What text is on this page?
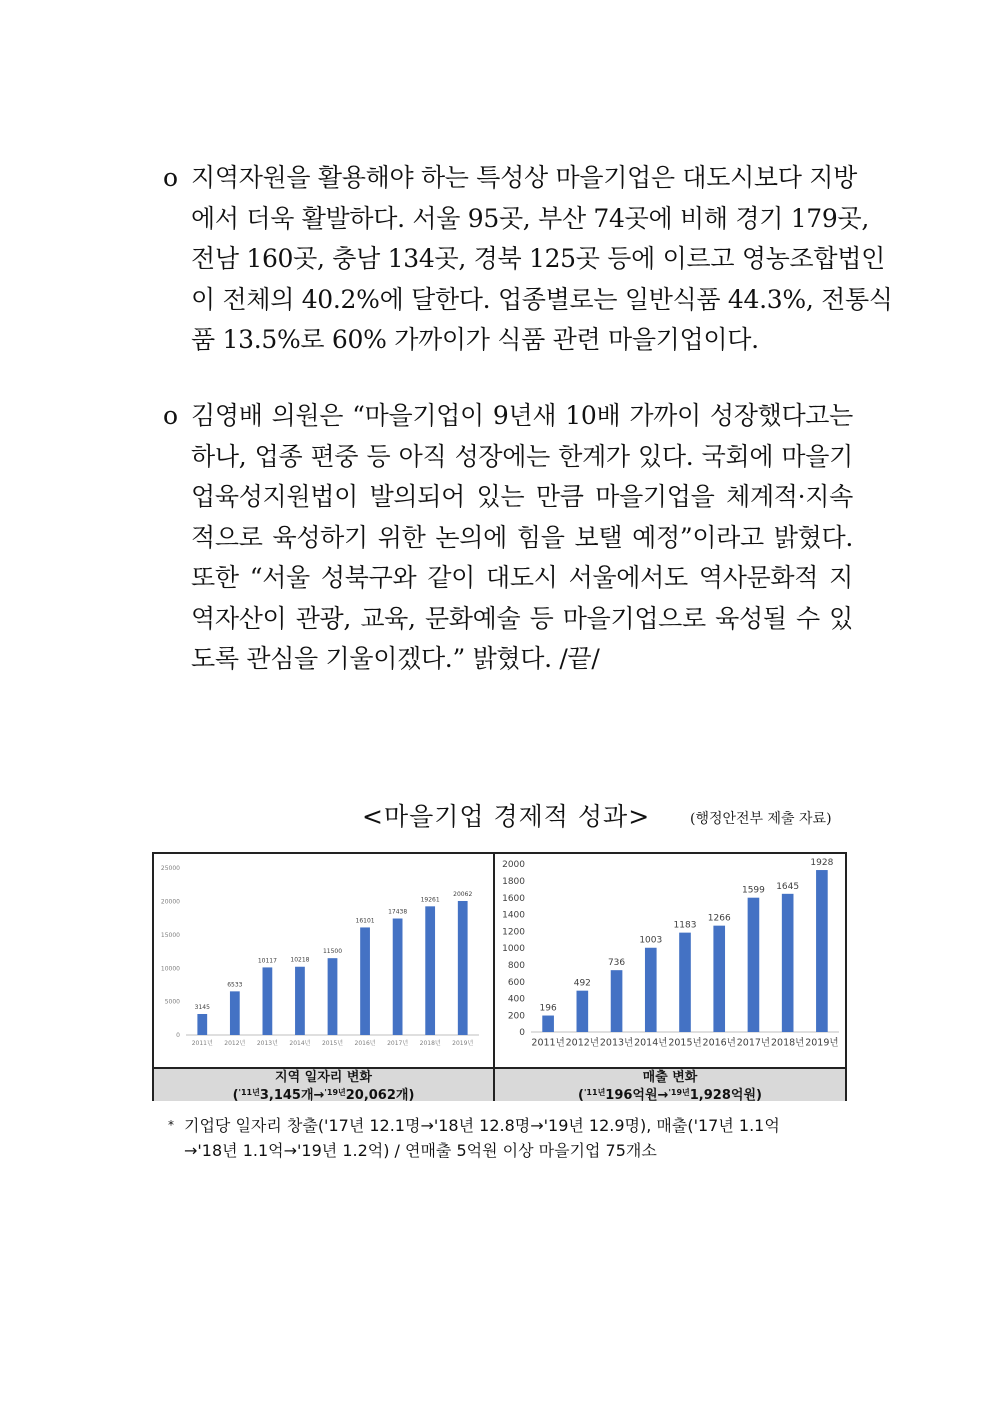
o 지역자원을 활용해야 하는 특성상 마을기업은 대도시보다 지방
에서 더욱 활발하다. 서울 95곳, 부산 74곳에 비해 경기 179곳,
전남 160곳, 충남 134곳, 경북 125곳 등에 이르고 영농조합법인
이 전체의 40.2%에 달한다. 업종별로는 일반식품 44.3%, 전통식
품 13.5%로 60% 가까이가 식품 관련 마을기업이다.
o 김영배 의원은 “마을기업이 9년새 10배 가까이 성장했다고는
하나, 업종 편중 등 아직 성장에는 한계가 있다. 국회에 마을기
업육성지원법이 발의되어 있는 만큼 마을기업을 체계적·지속
적으로 육성하기 위한 논의에 힘을 보탤 예정”이라고 밝혔다.
또한 “서울 성북구와 같이 대도시 서울에서도 역사문화적 지
역자산이 관광, 교육, 문화예술 등 마을기업으로 육성될 수 있
도록 관심을 기울이겠다.” 밝혔다. /끝/
<마을기업 경제적 성과>	(행정안전부 제출 자료)
0
5000
10000
15000
20000
25000
3145
2011년
6533
2012년
10117
2013년
10218
2014년
11500
2015년
16101
2016년
17438
2017년
19261
2018년
20062
2019년
0
200
400
600
800
1000
1200
1400
1600
1800
2000
196
2011년
492
2012년
736
2013년
1003
2014년
1183
2015년
1266
2016년
1599
2017년
1645
2018년
1928
2019년
지역 일자리 변화
($^{'11년}$3,145개→$^{'19년}$20,062개)
매출 변화
($^{'11년}$196억원→$^{'19년}$1,928억원)
* 기업당 일자리 창출('17년 12.1명→'18년 12.8명→'19년 12.9명), 매출('17년 1.1억
→'18년 1.1억→'19년 1.2억) / 연매출 5억원 이상 마을기업 75개소
